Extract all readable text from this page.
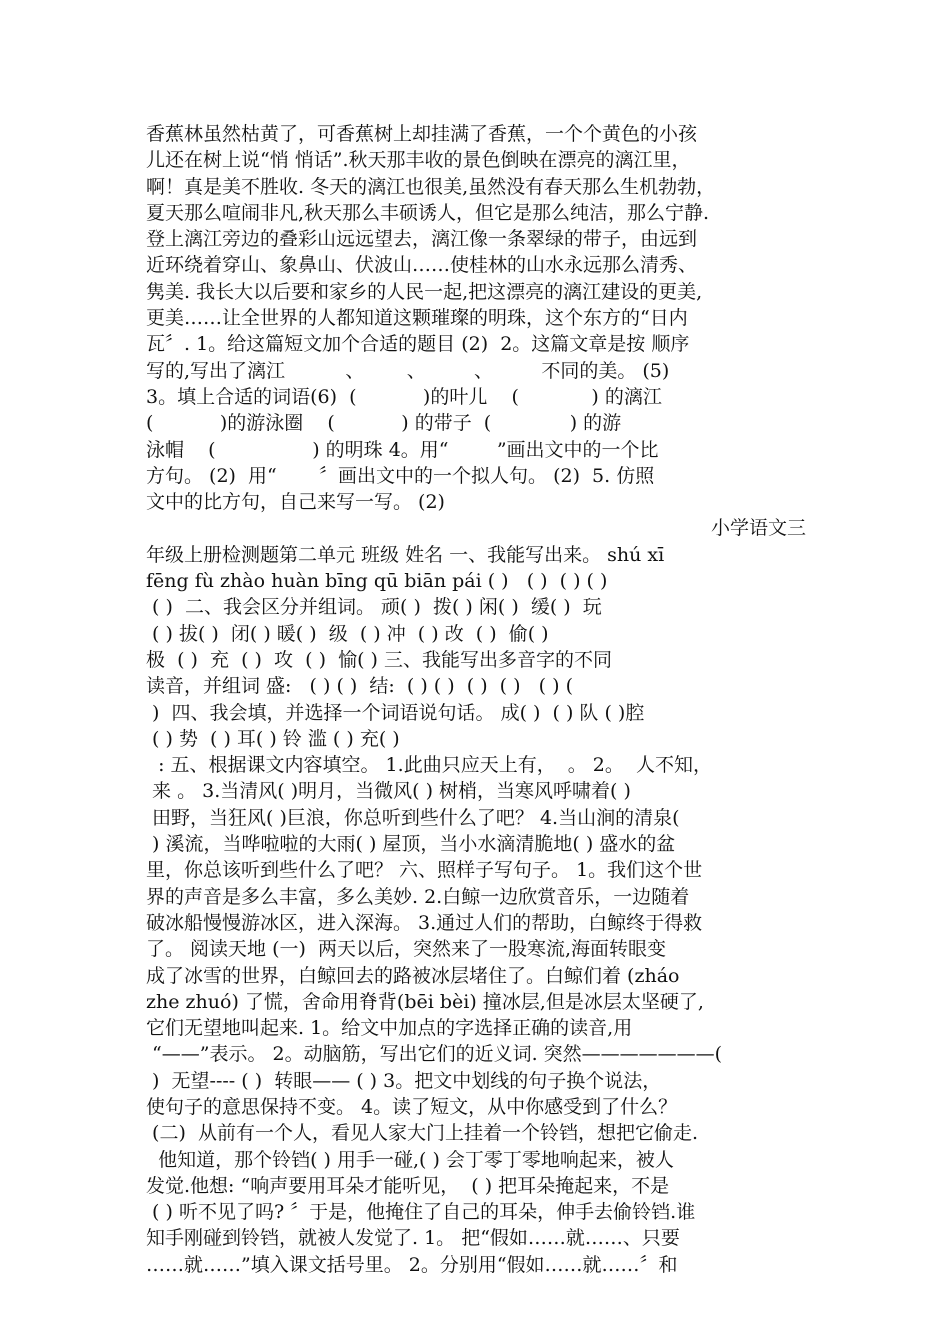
香蕉林虽然枯黄了，可香蕉树上却挂满了香蕉，一个个黄色的小孩
儿还在树上说“悄 悄话”.秋天那丰收的景色倒映在漂亮的漓江里，
啊！真是美不胜收. 冬天的漓江也很美,虽然没有春天那么生机勃勃，
夏天那么喧闹非凡,秋天那么丰硕诱人，但它是那么纯洁，那么宁静.
登上漓江旁边的叠彩山远远望去，漓江像一条翠绿的带子，由远到
近环绕着穿山、象鼻山、伏波山……使桂林的山水永远那么清秀、
隽美. 我长大以后要和家乡的人民一起,把这漂亮的漓江建设的更美,
更美……让全世界的人都知道这颗璀璨的明珠，这个东方的“日内
瓦〞. 1。给这篇短文加个合适的题目 (2)  2。这篇文章是按 顺序
写的,写出了漓江          、       、        、        不同的美。 (5)
3。填上合适的词语(6)  (           )的叶儿    (            ) 的漓江
(           )的游泳圈    (           ) 的带子  (             ) 的游
泳帽    (                ) 的明珠 4。用“        ”画出文中的一个比
方句。 (2)  用“       〞画出文中的一个拟人句。 (2)  5. 仿照
文中的比方句，自己来写一写。 (2)
小学语文三
年级上册检测题第二单元 班级 姓名 一、我能写出来。 shú xī
fēng fù zhào huàn bīng qū biān pái ( )   ( )  ( ) ( )
( )  二、我会区分并组词。 顽( )  拨( ) 闲( )  缓( )  玩
( ) 拔( )  闭( ) 暖( )  级  ( ) 冲  ( ) 改  ( )  偷( )
极  ( )  充  ( )  攻  ( )  愉( ) 三、我能写出多音字的不同
读音，并组词 盛:   ( ) ( )  结:  ( ) ( )  ( )  ( )   ( ) (
)  四、我会填，并选择一个词语说句话。 成( )  ( ) 队 ( )腔
( ) 势  ( ) 耳( ) 铃 滥 ( ) 充( )
: 五、根据课文内容填空。 1.此曲只应天上有，  。 2。  人不知，
来 。 3.当清风( )明月，当微风( ) 树梢，当寒风呼啸着( )
田野，当狂风( )巨浪，你总听到些什么了吧？ 4.当山涧的清泉(
) 溪流，当哗啦啦的大雨( ) 屋顶，当小水滴清脆地( ) 盛水的盆
里，你总该听到些什么了吧？ 六、照样子写句子。 1。我们这个世
界的声音是多么丰富，多么美妙. 2.白鲸一边欣赏音乐，一边随着
破冰船慢慢游冰区，进入深海。 3.通过人们的帮助，白鲸终于得救
了。 阅读天地 (一)  两天以后，突然来了一股寒流,海面转眼变
成了冰雪的世界，白鲸回去的路被冰层堵住了。白鲸们着 (zháo
zhe zhuó) 了慌，舍命用脊背(bēi bèi) 撞冰层,但是冰层太坚硬了,
它们无望地叫起来. 1。给文中加点的字选择正确的读音,用
“——”表示。 2。动脑筋，写出它们的近义词. 突然———————(
)  无望---- ( )  转眼—— ( ) 3。把文中划线的句子换个说法，
使句子的意思保持不变。 4。读了短文，从中你感受到了什么？
(二)  从前有一个人，看见人家大门上挂着一个铃铛，想把它偷走.
他知道，那个铃铛( ) 用手一碰,( ) 会丁零丁零地响起来，被人
发觉.他想: “响声要用耳朵才能听见，  ( ) 把耳朵掩起来，不是
( ) 听不见了吗? 〞于是，他掩住了自己的耳朵，伸手去偷铃铛.谁
知手刚碰到铃铛，就被人发觉了. 1。 把“假如……就……、只要
……就……”填入课文括号里。 2。分别用“假如……就……〞和
